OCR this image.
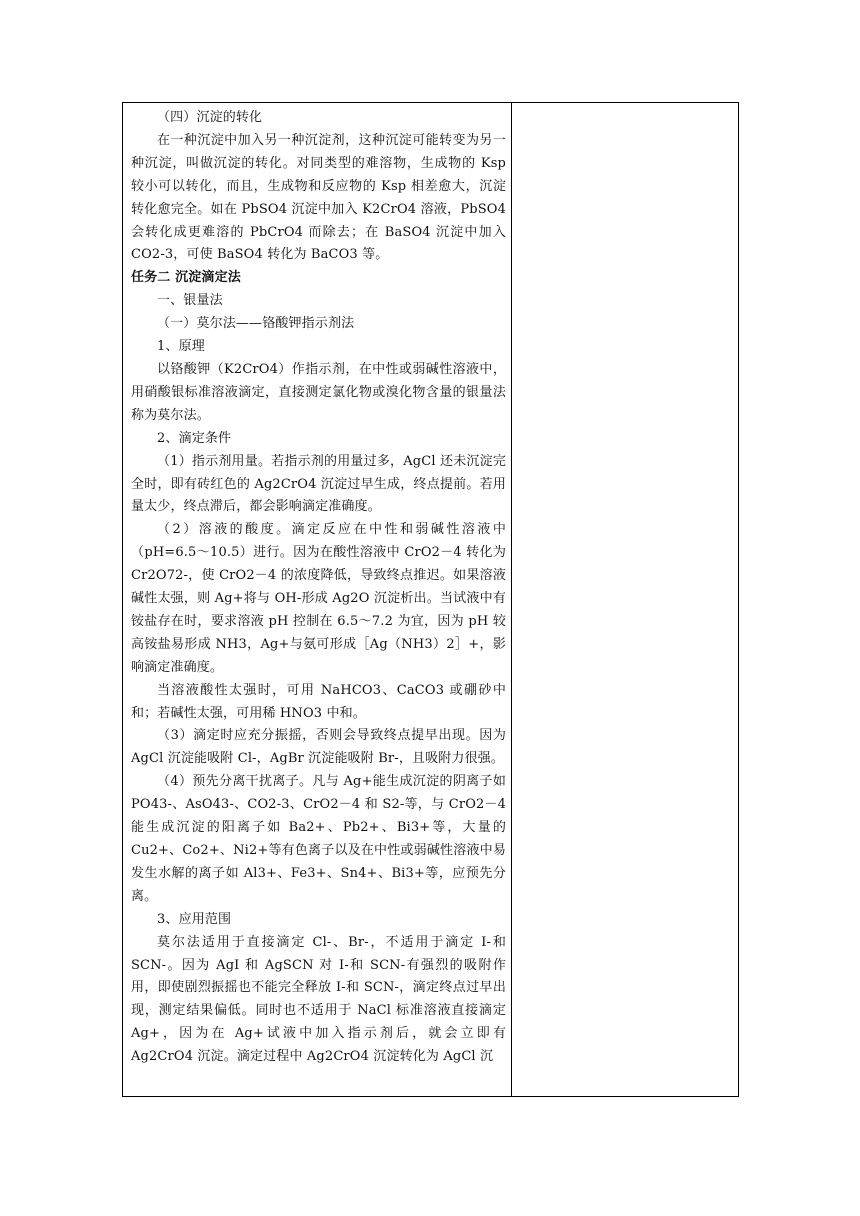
（四）沉淀的转化

在一种沉淀中加入另一种沉淀剂，这种沉淀可能转变为另一种沉淀，叫做沉淀的转化。对同类型的难溶物，生成物的 Ksp 较小可以转化，而且，生成物和反应物的 Ksp 相差愈大，沉淀转化愈完全。如在 PbSO4 沉淀中加入 K2CrO4 溶液，PbSO4 会转化成更难溶的 PbCrO4 而除去；在 BaSO4 沉淀中加入 CO2-3，可使 BaSO4 转化为 BaCO3 等。

任务二 沉淀滴定法

一、银量法

（一）莫尔法——铬酸钾指示剂法

1、原理

以铬酸钾（K2CrO4）作指示剂，在中性或弱碱性溶液中，用硝酸银标准溶液滴定，直接测定氯化物或溴化物含量的银量法称为莫尔法。

2、滴定条件

（1）指示剂用量。若指示剂的用量过多，AgCl 还未沉淀完全时，即有砖红色的 Ag2CrO4 沉淀过早生成，终点提前。若用量太少，终点滞后，都会影响滴定准确度。

（2）溶液的酸度。滴定反应在中性和弱碱性溶液中（pH=6.5～10.5）进行。因为在酸性溶液中 CrO2－4 转化为 Cr2O72-，使 CrO2－4 的浓度降低，导致终点推迟。如果溶液碱性太强，则 Ag+将与 OH-形成 Ag2O 沉淀析出。当试液中有铵盐存在时，要求溶液 pH 控制在 6.5～7.2 为宜，因为 pH 较高铵盐易形成 NH3，Ag+与氨可形成［Ag（NH3）2］+，影响滴定准确度。

当溶液酸性太强时，可用 NaHCO3、CaCO3 或硼砂中和；若碱性太强，可用稀 HNO3 中和。

（3）滴定时应充分振摇，否则会导致终点提早出现。因为 AgCl 沉淀能吸附 Cl-，AgBr 沉淀能吸附 Br-，且吸附力很强。

（4）预先分离干扰离子。凡与 Ag+能生成沉淀的阴离子如 PO43-、AsO43-、CO2-3、CrO2－4 和 S2-等，与 CrO2－4 能生成沉淀的阳离子如 Ba2+、Pb2+、Bi3+等，大量的 Cu2+、Co2+、Ni2+等有色离子以及在中性或弱碱性溶液中易发生水解的离子如 Al3+、Fe3+、Sn4+、Bi3+等，应预先分离。

3、应用范围

莫尔法适用于直接滴定 Cl-、Br-，不适用于滴定 I-和 SCN-。因为 AgI 和 AgSCN 对 I-和 SCN-有强烈的吸附作用，即使剧烈振摇也不能完全释放 I-和 SCN-，滴定终点过早出现，测定结果偏低。同时也不适用于 NaCl 标准溶液直接滴定 Ag+，因为在 Ag+试液中加入指示剂后，就会立即有 Ag2CrO4 沉淀。滴定过程中 Ag2CrO4 沉淀转化为 AgCl 沉
